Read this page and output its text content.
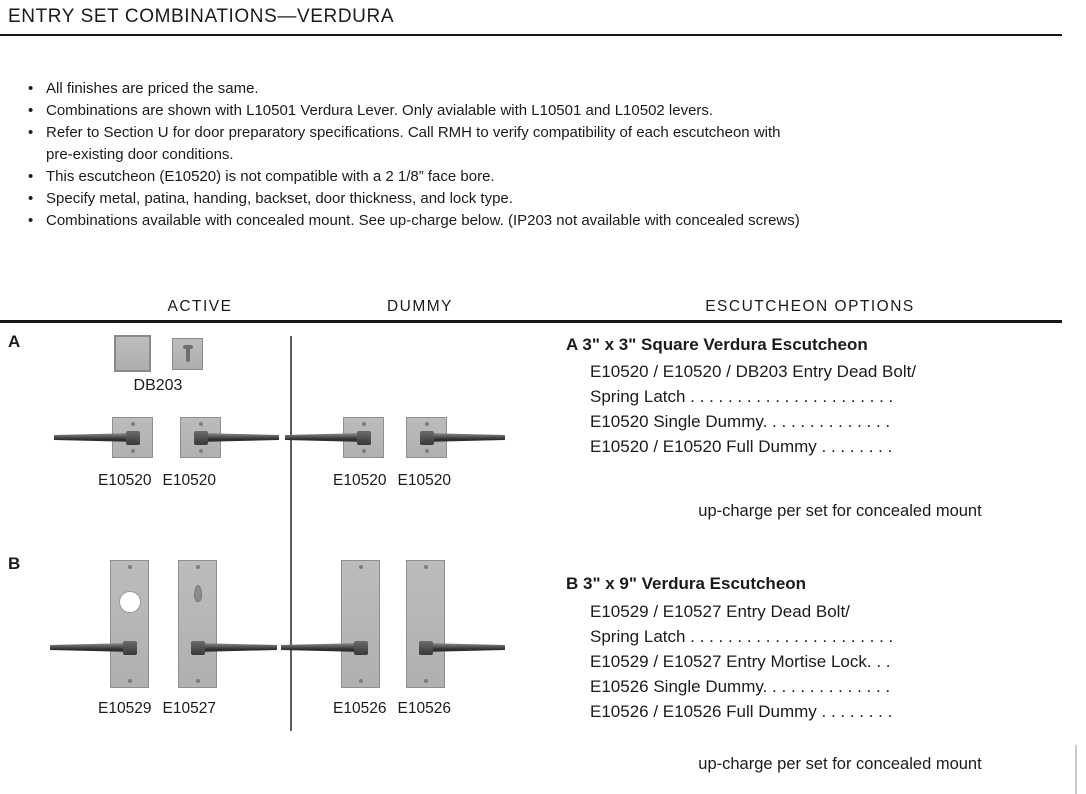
ENTRY SET COMBINATIONS—VERDURA
• All finishes are priced the same.
• Combinations are shown with L10501 Verdura Lever. Only avialable with L10501 and L10502 levers.
• Refer to Section U for door preparatory specifications. Call RMH to verify compatibility of each escutcheon with
pre-existing door conditions.
• This escutcheon (E10520) is not compatible with a 2 1/8” face bore.
• Specify metal, patina, handing, backset, door thickness, and lock type.
• Combinations available with concealed mount. See up-charge below. (IP203 not available with concealed screws)
ACTIVE	DUMMY	ESCUTCHEON OPTIONS
A
DB203
E10520 E10520	E10520 E10520
A 3" x 3" Square Verdura Escutcheon
E10520 / E10520 / DB203 Entry Dead Bolt/
Spring Latch . . . . . . . . . . . . . . . . . . . . . .
E10520 Single Dummy. . . . . . . . . . . . . .
E10520 / E10520 Full Dummy . . . . . . . .
up-charge per set for concealed mount
B
E10529 E10527	E10526 E10526
B 3" x 9" Verdura Escutcheon
E10529 / E10527 Entry Dead Bolt/
Spring Latch . . . . . . . . . . . . . . . . . . . . . .
E10529 / E10527 Entry Mortise Lock. . .
E10526 Single Dummy. . . . . . . . . . . . . .
E10526 / E10526 Full Dummy . . . . . . . .
up-charge per set for concealed mount
